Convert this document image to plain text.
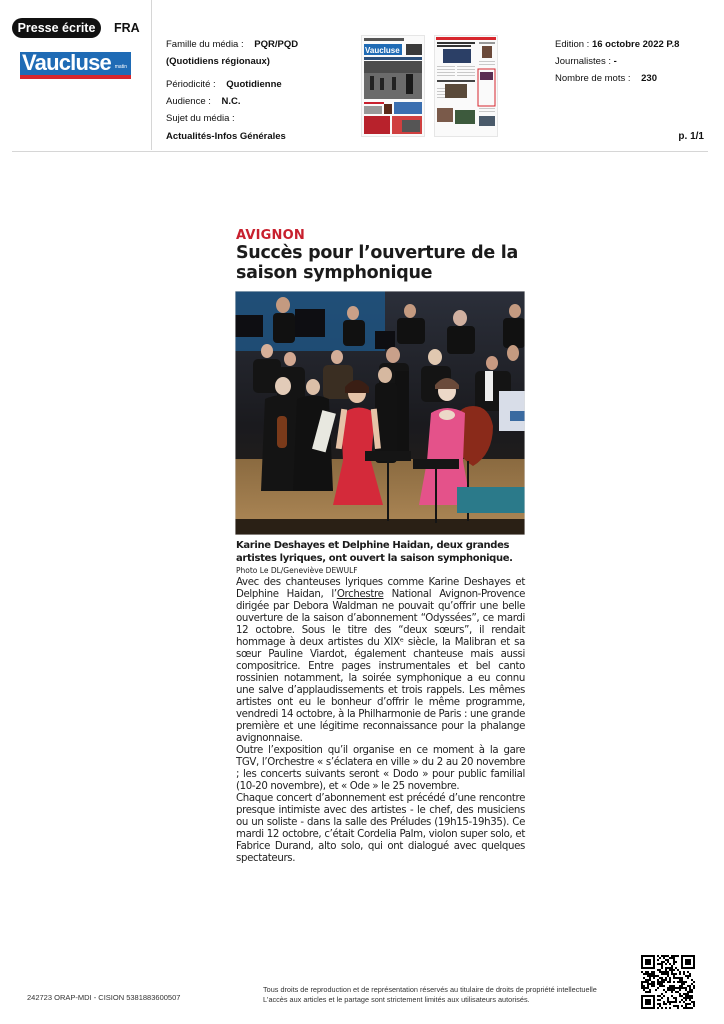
Presse écrite	FRA
Vaucluse matin
Famille du média : PQR/PQD
(Quotidiens régionaux)
Périodicité : Quotidienne
Audience : N.C.
Sujet du média :
Actualités-Infos Générales
Vaucluse
Edition : 16 octobre 2022 P.8
Journalistes : -
Nombre de mots : 230
p. 1/1
AVIGNON
Succès pour l’ouverture de la saison symphonique
Karine Deshayes et Delphine Haidan, deux grandes artistes lyriques, ont ouvert la saison symphonique. Photo Le DL/Geneviève DEWULF

Avec des chanteuses lyriques comme Karine Deshayes et Delphine Haidan, l’Orchestre National Avignon-Provence dirigée par Debora Waldman ne pouvait qu’offrir une belle ouverture de la saison d’abonnement “Odyssées”, ce mardi 12 octobre. Sous le titre des “deux sœurs”, il rendait hommage à deux artistes du XIXᵉ siècle, la Malibran et sa sœur Pauline Viardot, également chanteuse mais aussi compositrice. Entre pages instrumentales et bel canto rossinien notamment, la soirée symphonique a eu connu une salve d’applaudissements et trois rappels. Les mêmes artistes ont eu le bonheur d’offrir le même programme, vendredi 14 octobre, à la Philharmonie de Paris : une grande première et une légitime reconnaissance pour la phalange avignonnaise.

Outre l’exposition qu’il organise en ce moment à la gare TGV, l’Orchestre « s’éclatera en ville » du 2 au 20 novembre ; les concerts suivants seront « Dodo » pour public familial (10-20 novembre), et « Ode » le 25 novembre.

Chaque concert d’abonnement est précédé d’une rencontre presque intimiste avec des artistes - le chef, des musiciens ou un soliste - dans la salle des Préludes (19h15-19h35). Ce mardi 12 octobre, c’était Cordelia Palm, violon super solo, et Fabrice Durand, alto solo, qui ont dialogué avec quelques spectateurs.

242723 ORAP-MDI - CISION 5381883600507
Tous droits de reproduction et de représentation réservés au titulaire de droits de propriété intellectuelle
L'accès aux articles et le partage sont strictement limités aux utilisateurs autorisés.
